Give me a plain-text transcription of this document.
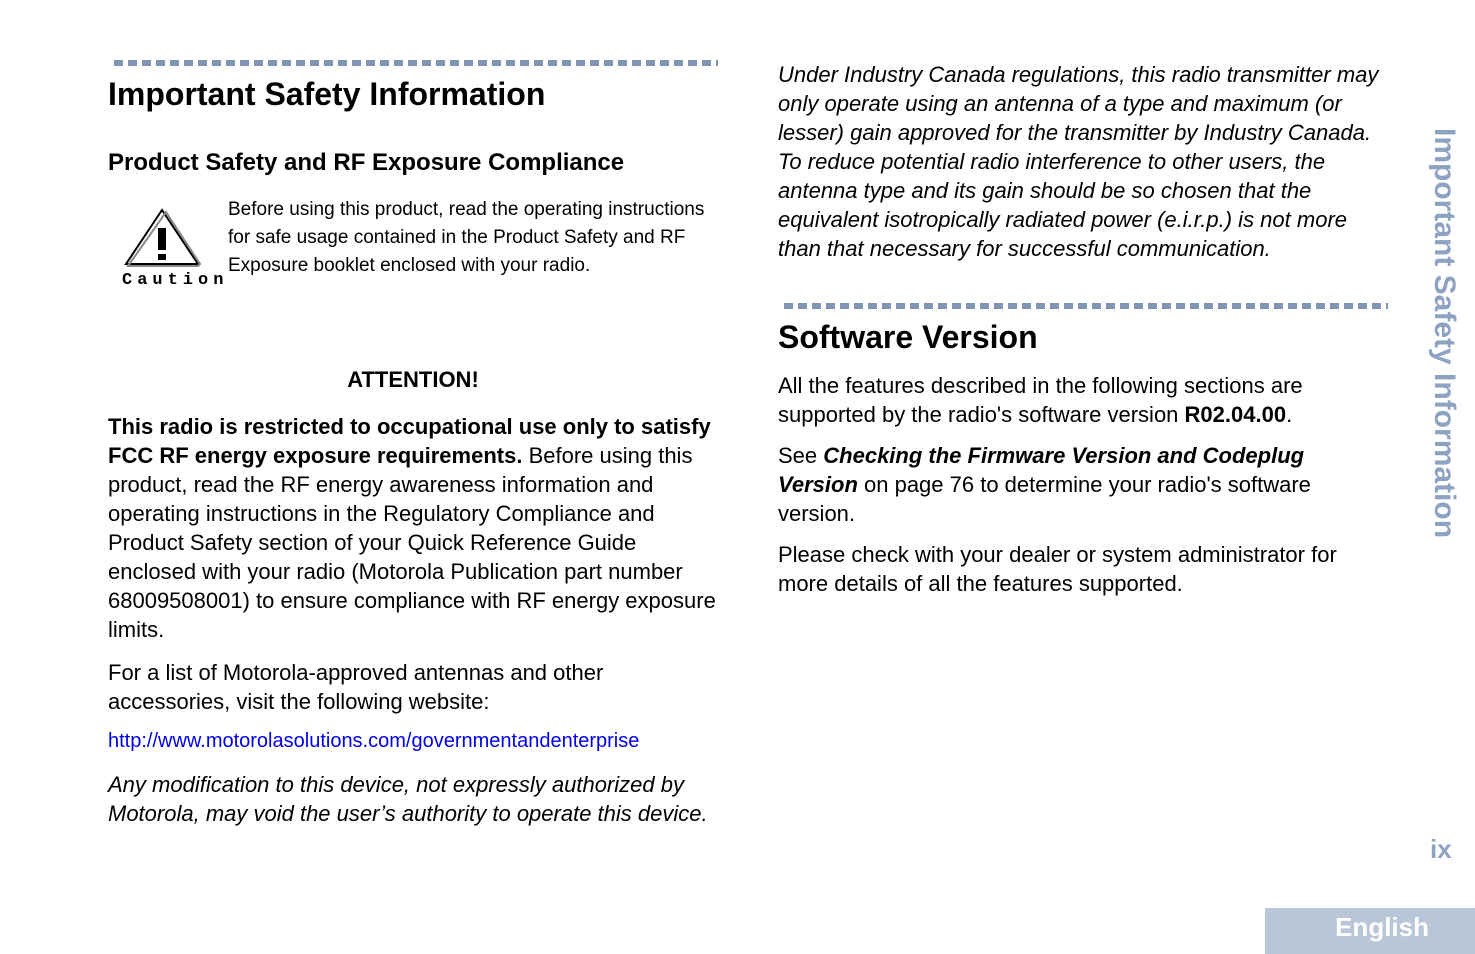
Important Safety Information
Product Safety and RF Exposure Compliance
Caution
Before using this product, read the operating instructions for safe usage contained in the Product Safety and RF Exposure booklet enclosed with your radio.
ATTENTION!

This radio is restricted to occupational use only to satisfy FCC RF energy exposure requirements. Before using this product, read the RF energy awareness information and operating instructions in the Regulatory Compliance and Product Safety section of your Quick Reference Guide enclosed with your radio (Motorola Publication part number 68009508001) to ensure compliance with RF energy exposure limits.

For a list of Motorola-approved antennas and other accessories, visit the following website:

http://www.motorolasolutions.com/governmentandenterprise

Any modification to this device, not expressly authorized by Motorola, may void the user’s authority to operate this device.

Under Industry Canada regulations, this radio transmitter may only operate using an antenna of a type and maximum (or lesser) gain approved for the transmitter by Industry Canada. To reduce potential radio interference to other users, the antenna type and its gain should be so chosen that the equivalent isotropically radiated power (e.i.r.p.) is not more than that necessary for successful communication.

Software Version

All the features described in the following sections are supported by the radio's software version R02.04.00.

See Checking the Firmware Version and Codeplug Version on page 76 to determine your radio's software version.

Please check with your dealer or system administrator for more details of all the features supported.

Important Safety Information
ix
English
